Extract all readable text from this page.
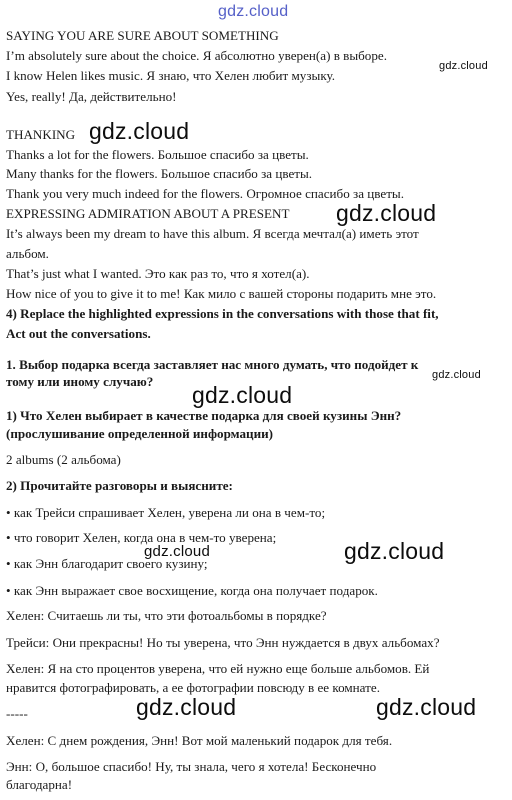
gdz.cloud
SAYING YOU ARE SURE ABOUT SOMETHING
I’m absolutely sure about the choice. Я абсолютно уверен(а) в выборе.
gdz.cloud
I know Helen likes music. Я знаю, что Хелен любит музыку.
Yes, really! Да, действительно!
THANKING gdz.cloud
Thanks a lot for the flowers. Большое спасибо за цветы.
Many thanks for the flowers. Большое спасибо за цветы.
Thank you very much indeed for the flowers. Огромное спасибо за цветы.
EXPRESSING ADMIRATION ABOUT A PRESENT	gdz.cloud
It’s always been my dream to have this album. Я всегда мечтал(а) иметь этот
альбом.
That’s just what I wanted. Это как раз то, что я хотел(а).
How nice of you to give it to me! Как мило с вашей стороны подарить мне это.
4) Replace the highlighted expressions in the conversations with those that fit,
Act out the conversations.
1. Выбор подарка всегда заставляет нас много думать, что подойдет к
gdz.cloud
тому или иному случаю?
gdz.cloud
1) Что Хелен выбирает в качестве подарка для своей кузины Энн?
(прослушивание определенной информации)
2 albums (2 альбома)
2) Прочитайте разговоры и выясните:
• как Трейси спрашивает Хелен, уверена ли она в чем-то;
• что говорит Хелен, когда она в чем-то уверена;
gdz.cloud	gdz.cloud
• как Энн благодарит своего кузину;
• как Энн выражает свое восхищение, когда она получает подарок.
Хелен: Считаешь ли ты, что эти фотоальбомы в порядке?
Трейси: Они прекрасны! Но ты уверена, что Энн нуждается в двух альбомах?
Хелен: Я на сто процентов уверена, что ей нужно еще больше альбомов. Ей
нравится фотографировать, а ее фотографии повсюду в ее комнате.
-----	gdz.cloud	gdz.cloud
Хелен: С днем рождения, Энн! Вот мой маленький подарок для тебя.
Энн: О, большое спасибо! Ну, ты знала, чего я хотела! Бесконечно
благодарна!
